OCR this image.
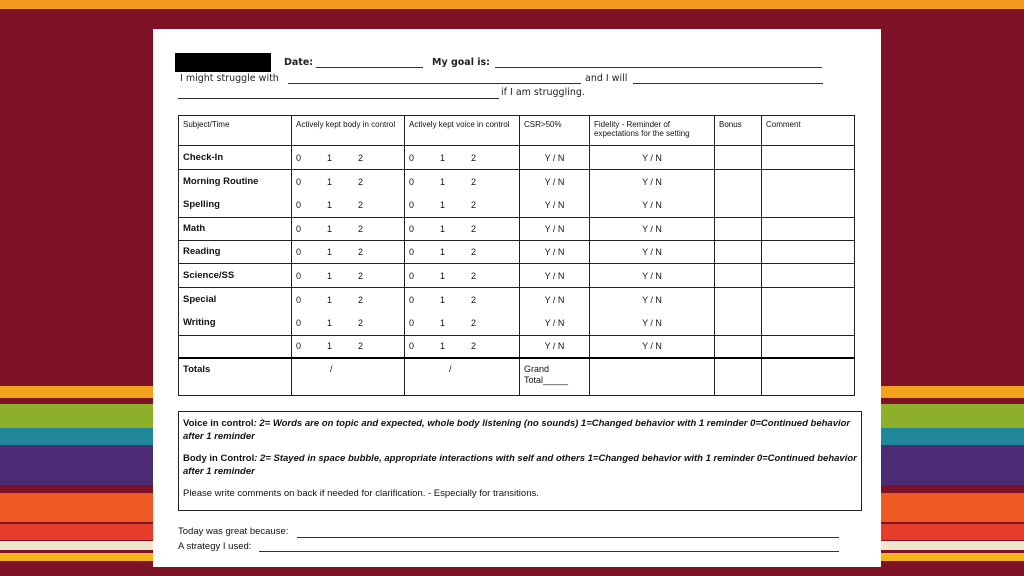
Date:	My goal is:
I might struggle with	and I will
if I am struggling.
Subject/Time	Actively kept body in control	Actively kept voice in control	CSR>50%	Fidelity - Reminder of expectations for the setting	Bonus	Comment
Check-In	0 1 2	0 1 2	Y / N	Y / N		
Morning Routine	0 1 2	0 1 2	Y / N	Y / N		
Spelling	0 1 2	0 1 2	Y / N	Y / N		
Math	0 1 2	0 1 2	Y / N	Y / N		
Reading	0 1 2	0 1 2	Y / N	Y / N		
Science/SS	0 1 2	0 1 2	Y / N	Y / N		
Special	0 1 2	0 1 2	Y / N	Y / N		
Writing	0 1 2	0 1 2	Y / N	Y / N		
	0 1 2	0 1 2	Y / N	Y / N		
Totals	/	/	Grand
Total_____			

Voice in control: 2= Words are on topic and expected, whole body listening (no sounds) 1=Changed behavior with 1 reminder 0=Continued behavior after 1 reminder

Body in Control: 2= Stayed in space bubble, appropriate interactions with self and others 1=Changed behavior with 1 reminder 0=Continued behavior after 1 reminder

Please write comments on back if needed for clarification. - Especially for transitions.

Today was great because:
A strategy I used:
